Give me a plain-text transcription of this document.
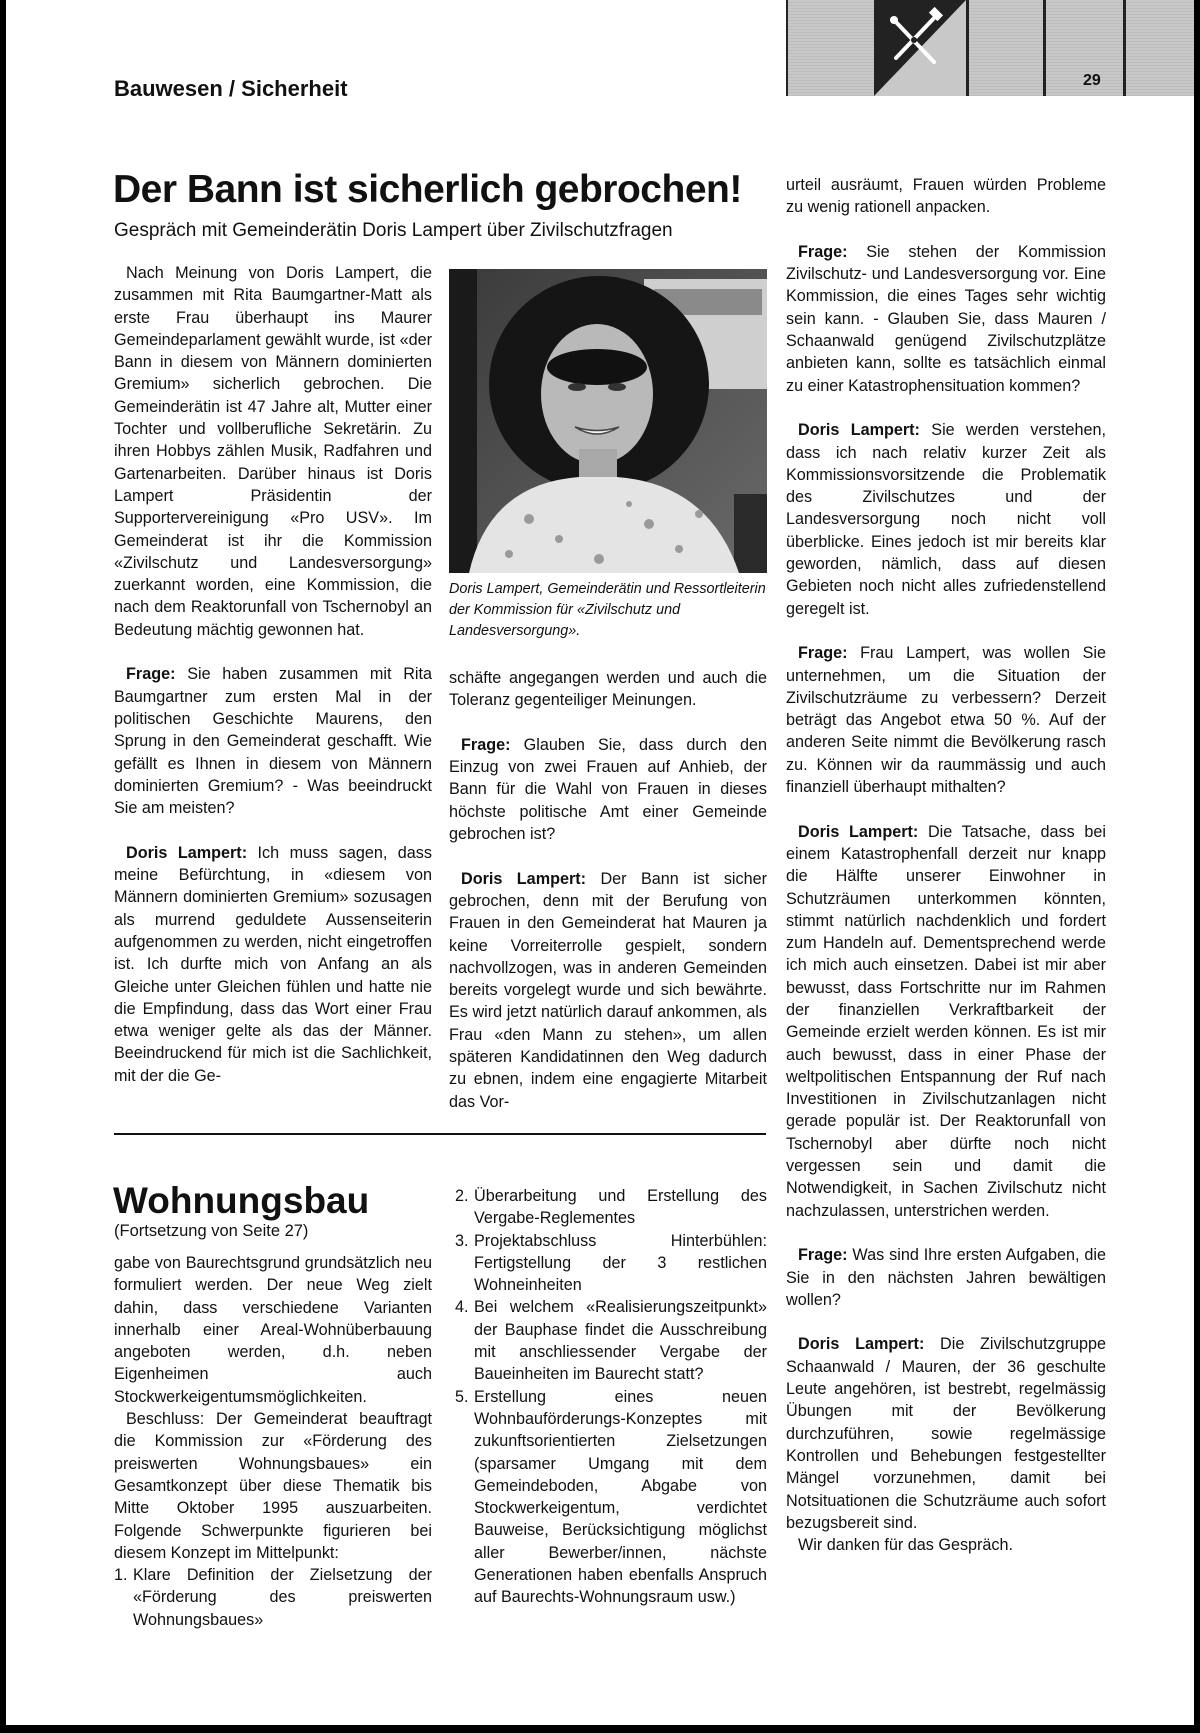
29
Bauwesen / Sicherheit
Der Bann ist sicherlich gebrochen!
Gespräch mit Gemeinderätin Doris Lampert über Zivilschutzfragen

Nach Meinung von Doris Lampert, die zusammen mit Rita Baumgartner-Matt als erste Frau überhaupt ins Maurer Gemeindeparlament gewählt wurde, ist «der Bann in diesem von Männern dominierten Gremium» sicherlich gebrochen. Die Gemeinderätin ist 47 Jahre alt, Mutter einer Tochter und vollberufliche Sekretärin. Zu ihren Hobbys zählen Musik, Radfahren und Gartenarbeiten. Darüber hinaus ist Doris Lampert Präsidentin der Supportervereinigung «Pro USV». Im Gemeinderat ist ihr die Kommission «Zivilschutz und Landesversorgung» zuerkannt worden, eine Kommission, die nach dem Reaktorunfall von Tschernobyl an Bedeutung mächtig gewonnen hat.

Frage: Sie haben zusammen mit Rita Baumgartner zum ersten Mal in der politischen Geschichte Maurens, den Sprung in den Gemeinderat geschafft. Wie gefällt es Ihnen in diesem von Männern dominierten Gremium? - Was beeindruckt Sie am meisten?

Doris Lampert: Ich muss sagen, dass meine Befürchtung, in «diesem von Männern dominierten Gremium» sozusagen als murrend geduldete Aussenseiterin aufgenommen zu werden, nicht eingetroffen ist. Ich durfte mich von Anfang an als Gleiche unter Gleichen fühlen und hatte nie die Empfindung, dass das Wort einer Frau etwa weniger gelte als das der Männer. Beeindruckend für mich ist die Sachlichkeit, mit der die Ge-

Doris Lampert, Gemeinderätin und Ressortleiterin der Kommission für «Zivilschutz und Landesversorgung».

schäfte angegangen werden und auch die Toleranz gegenteiliger Meinungen.

Frage: Glauben Sie, dass durch den Einzug von zwei Frauen auf Anhieb, der Bann für die Wahl von Frauen in dieses höchste politische Amt einer Gemeinde gebrochen ist?

Doris Lampert: Der Bann ist sicher gebrochen, denn mit der Berufung von Frauen in den Gemeinderat hat Mauren ja keine Vorreiterrolle gespielt, sondern nachvollzogen, was in anderen Gemeinden bereits vorgelegt wurde und sich bewährte. Es wird jetzt natürlich darauf ankommen, als Frau «den Mann zu stehen», um allen späteren Kandidatinnen den Weg dadurch zu ebnen, indem eine engagierte Mitarbeit das Vor-

urteil ausräumt, Frauen würden Probleme zu wenig rationell anpacken.

Frage: Sie stehen der Kommission Zivilschutz- und Landesversorgung vor. Eine Kommission, die eines Tages sehr wichtig sein kann. - Glauben Sie, dass Mauren / Schaanwald genügend Zivilschutzplätze anbieten kann, sollte es tatsächlich einmal zu einer Katastrophensituation kommen?

Doris Lampert: Sie werden verstehen, dass ich nach relativ kurzer Zeit als Kommissionsvorsitzende die Problematik des Zivilschutzes und der Landesversorgung noch nicht voll überblicke. Eines jedoch ist mir bereits klar geworden, nämlich, dass auf diesen Gebieten noch nicht alles zufriedenstellend geregelt ist.

Frage: Frau Lampert, was wollen Sie unternehmen, um die Situation der Zivilschutzräume zu verbessern? Derzeit beträgt das Angebot etwa 50 %. Auf der anderen Seite nimmt die Bevölkerung rasch zu. Können wir da raummässig und auch finanziell überhaupt mithalten?

Doris Lampert: Die Tatsache, dass bei einem Katastrophenfall derzeit nur knapp die Hälfte unserer Einwohner in Schutzräumen unterkommen könnten, stimmt natürlich nachdenklich und fordert zum Handeln auf. Dementsprechend werde ich mich auch einsetzen. Dabei ist mir aber bewusst, dass Fortschritte nur im Rahmen der finanziellen Verkraftbarkeit der Gemeinde erzielt werden können. Es ist mir auch bewusst, dass in einer Phase der weltpolitischen Entspannung der Ruf nach Investitionen in Zivilschutzanlagen nicht gerade populär ist. Der Reaktorunfall von Tschernobyl aber dürfte noch nicht vergessen sein und damit die Notwendigkeit, in Sachen Zivilschutz nicht nachzulassen, unterstrichen werden.

Frage: Was sind Ihre ersten Aufgaben, die Sie in den nächsten Jahren bewältigen wollen?

Doris Lampert: Die Zivilschutzgruppe Schaanwald / Mauren, der 36 geschulte Leute angehören, ist bestrebt, regelmässig Übungen mit der Bevölkerung durchzuführen, sowie regelmässige Kontrollen und Behebungen festgestellter Mängel vorzunehmen, damit bei Notsituationen die Schutzräume auch sofort bezugsbereit sind.

Wir danken für das Gespräch.

Wohnungsbau
(Fortsetzung von Seite 27)
gabe von Baurechtsgrund grundsätzlich neu formuliert werden. Der neue Weg zielt dahin, dass verschiedene Varianten innerhalb einer Areal-Wohnüberbauung angeboten werden, d.h. neben Eigenheimen auch Stockwerkeigentumsmöglichkeiten.
Beschluss: Der Gemeinderat beauftragt die Kommission zur «Förderung des preiswerten Wohnungsbaues» ein Gesamtkonzept über diese Thematik bis Mitte Oktober 1995 auszuarbeiten. Folgende Schwerpunkte figurieren bei diesem Konzept im Mittelpunkt:
1. Klare Definition der Zielsetzung der «Förderung des preiswerten Wohnungsbaues»
2. Überarbeitung und Erstellung des Vergabe-Reglementes
3. Projektabschluss Hinterbühlen: Fertigstellung der 3 restlichen Wohneinheiten
4. Bei welchem «Realisierungszeitpunkt» der Bauphase findet die Ausschreibung mit anschliessender Vergabe der Baueinheiten im Baurecht statt?
5. Erstellung eines neuen Wohnbauförderungs-Konzeptes mit zukunftsorientierten Zielsetzungen (sparsamer Umgang mit dem Gemeindeboden, Abgabe von Stockwerkeigentum, verdichtet Bauweise, Berücksichtigung möglichst aller Bewerber/innen, nächste Generationen haben ebenfalls Anspruch auf Baurechts-Wohnungsraum usw.)
